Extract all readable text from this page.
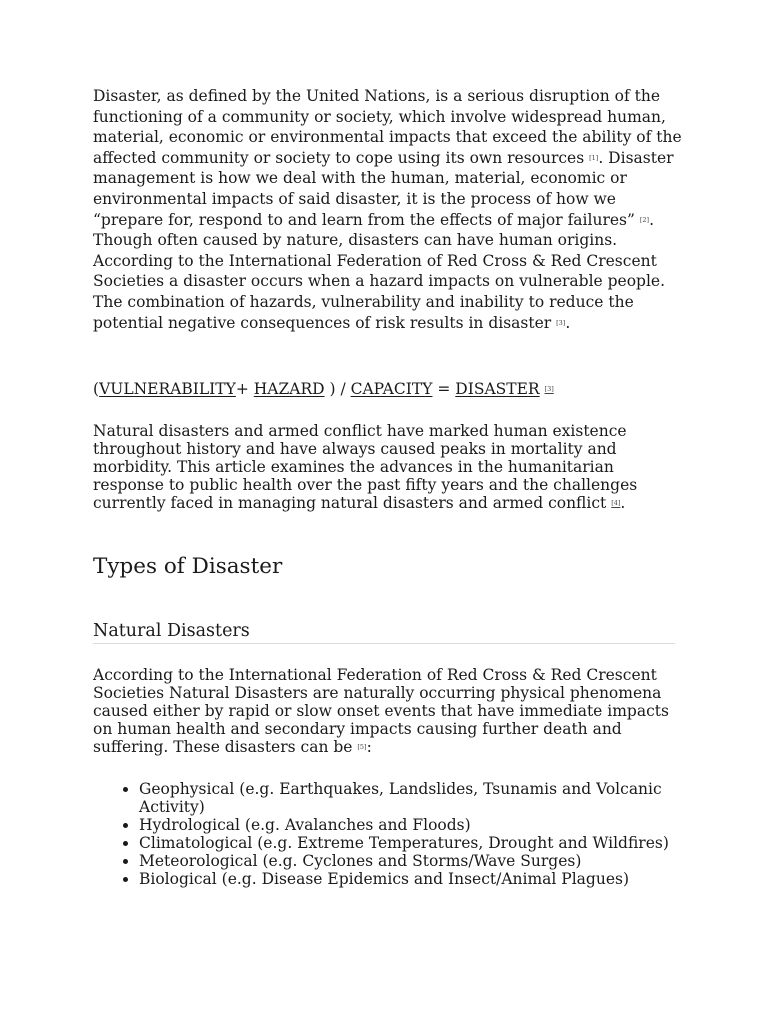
Disaster, as defined by the United Nations, is a serious disruption of the functioning of a community or society, which involve widespread human, material, economic or environmental impacts that exceed the ability of the affected community or society to cope using its own resources [1]. Disaster management is how we deal with the human, material, economic or environmental impacts of said disaster, it is the process of how we “prepare for, respond to and learn from the effects of major failures” [2]. Though often caused by nature, disasters can have human origins. According to the International Federation of Red Cross & Red Crescent Societies a disaster occurs when a hazard impacts on vulnerable people. The combination of hazards, vulnerability and inability to reduce the potential negative consequences of risk results in disaster [3].

(VULNERABILITY+ HAZARD ) / CAPACITY = DISASTER [3]

Natural disasters and armed conflict have marked human existence throughout history and have always caused peaks in mortality and morbidity. This article examines the advances in the humanitarian response to public health over the past fifty years and the challenges currently faced in managing natural disasters and armed conflict [4].

Types of Disaster
Natural Disasters

According to the International Federation of Red Cross & Red Crescent Societies Natural Disasters are naturally occurring physical phenomena caused either by rapid or slow onset events that have immediate impacts on human health and secondary impacts causing further death and suffering. These disasters can be [5]:

• Geophysical (e.g. Earthquakes, Landslides, Tsunamis and Volcanic Activity)
• Hydrological (e.g. Avalanches and Floods)
• Climatological (e.g. Extreme Temperatures, Drought and Wildfires)
• Meteorological (e.g. Cyclones and Storms/Wave Surges)
• Biological (e.g. Disease Epidemics and Insect/Animal Plagues)
